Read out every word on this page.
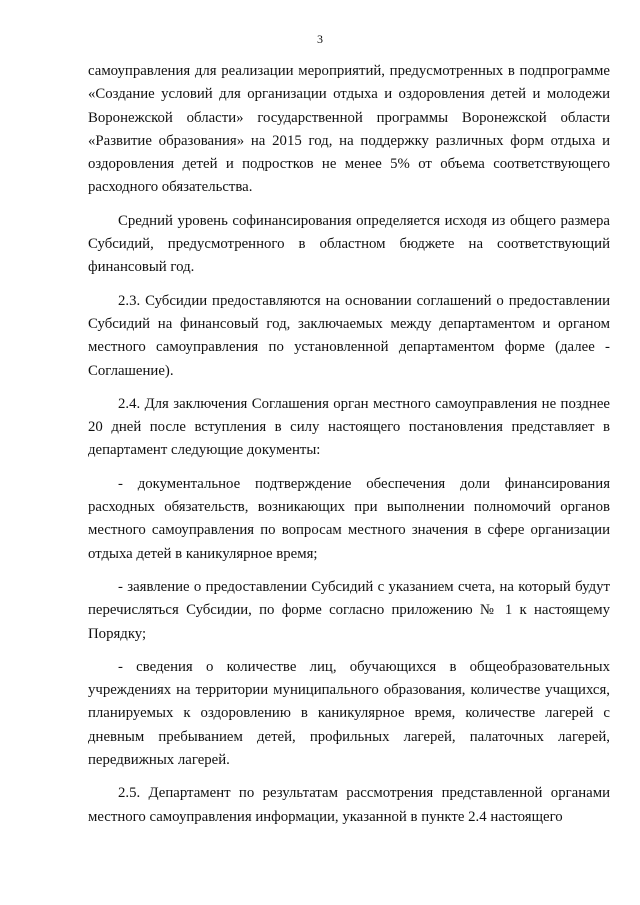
3

самоуправления для реализации мероприятий, предусмотренных в подпрограмме «Создание условий для организации отдыха и оздоровления детей и молодежи Воронежской области» государственной программы Воронежской области «Развитие образования» на 2015 год, на поддержку различных форм отдыха и оздоровления детей и подростков не менее 5% от объема соответствующего расходного обязательства.

Средний уровень софинансирования определяется исходя из общего размера Субсидий, предусмотренного в областном бюджете на соответствующий финансовый год.

2.3. Субсидии предоставляются на основании соглашений о предоставлении Субсидий на финансовый год, заключаемых между департаментом и органом местного самоуправления по установленной департаментом форме (далее - Соглашение).

2.4. Для заключения Соглашения орган местного самоуправления не позднее 20 дней после вступления в силу настоящего постановления представляет в департамент следующие документы:

- документальное подтверждение обеспечения доли финансирования расходных обязательств, возникающих при выполнении полномочий органов местного самоуправления по вопросам местного значения в сфере организации отдыха детей в каникулярное время;

- заявление о предоставлении Субсидий с указанием счета, на который будут перечисляться Субсидии, по форме согласно приложению № 1 к настоящему Порядку;

- сведения о количестве лиц, обучающихся в общеобразовательных учреждениях на территории муниципального образования, количестве учащихся, планируемых к оздоровлению в каникулярное время, количестве лагерей с дневным пребыванием детей, профильных лагерей, палаточных лагерей, передвижных лагерей.

2.5. Департамент по результатам рассмотрения представленной органами местного самоуправления информации, указанной в пункте 2.4 настоящего
